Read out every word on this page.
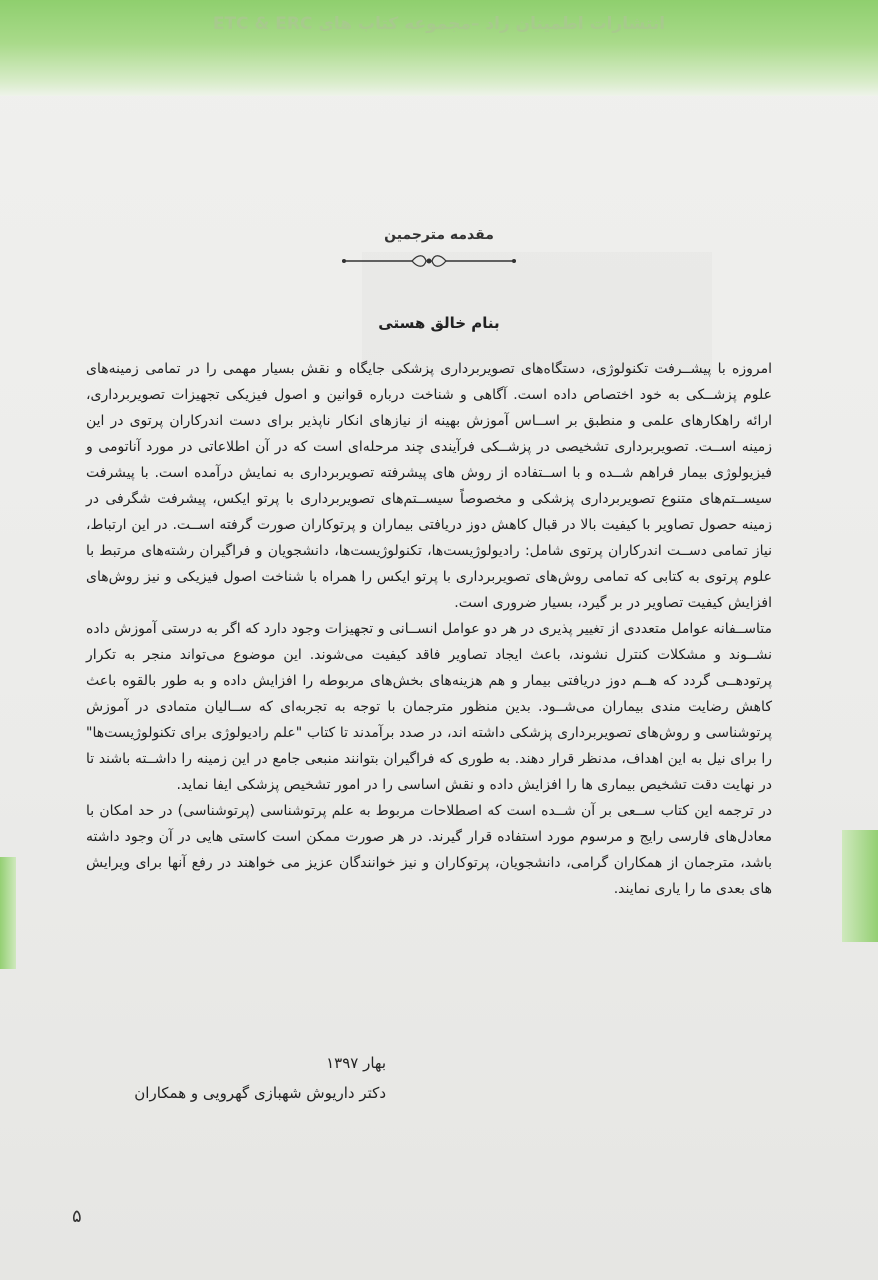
انتشارات اطمینان راد –مجموعه کتاب های ETC & ERC
مقدمه مترجمین
بنام خالق هستی

امروزه با پیشــرفت تکنولوژی، دستگاه‌های تصویربرداری پزشکی جایگاه و نقش بسیار مهمی را در تمامی زمینه‌های علوم پزشــکی به خود اختصاص داده است. آگاهی و شناخت درباره قوانین و اصول فیزیکی تجهیزات تصویربرداری، ارائه راهکارهای علمی و منطبق بر اســاس آموزش بهینه از نیازهای انکار ناپذیر برای دست اندرکاران پرتوی در این زمینه اســت. تصویربرداری تشخیصی در پزشــکی فرآیندی چند مرحله‌ای است که در آن اطلاعاتی در مورد آناتومی و فیزیولوژی بیمار فراهم شــده و با اســتفاده از روش های پیشرفته تصویربرداری به نمایش درآمده است. با پیشرفت سیســتم‌های متنوع تصویربرداری پزشکی و مخصوصاً سیســتم‌های تصویربرداری با پرتو ایکس، پیشرفت شگرفی در زمینه حصول تصاویر با کیفیت بالا در قبال کاهش دوز دریافتی بیماران و پرتوکاران صورت گرفته اســت. در این ارتباط، نیاز تمامی دســت اندرکاران پرتوی شامل: رادیولوژیست‌ها، تکنولوژیست‌ها، دانشجویان و فراگیران رشته‌های مرتبط با علوم پرتوی به کتابی که تمامی روش‌های تصویربرداری با پرتو ایکس را همراه با شناخت اصول فیزیکی و نیز روش‌های افزایش کیفیت تصاویر در بر گیرد، بسیار ضروری است.

متاســفانه عوامل متعددی از تغییر پذیری در هر دو عوامل انســانی و تجهیزات وجود دارد که اگر به درستی آموزش داده نشــوند و مشکلات کنترل نشوند، باعث ایجاد تصاویر فاقد کیفیت می‌شوند. این موضوع می‌تواند منجر به تکرار پرتودهــی گردد که هــم دوز دریافتی بیمار و هم هزینه‌های بخش‌های مربوطه را افزایش داده و به طور بالقوه باعث کاهش رضایت مندی بیماران می‌شــود. بدین منظور مترجمان با توجه به تجربه‌ای که ســالیان متمادی در آموزش پرتوشناسی و روش‌های تصویربرداری پزشکی داشته اند، در صدد برآمدند تا کتاب "علم رادیولوژی برای تکنولوژیست‌ها" را برای نیل به این اهداف، مدنظر قرار دهند. به طوری که فراگیران بتوانند منبعی جامع در این زمینه را داشــته باشند تا در نهایت دقت تشخیص بیماری ها را افزایش داده و نقش اساسی را در امور تشخیص پزشکی ایفا نماید.

در ترجمه این کتاب ســعی بر آن شــده است که اصطلاحات مربوط به علم پرتوشناسی (پرتوشناسی) در حد امکان با معادل‌های فارسی رایج و مرسوم مورد استفاده قرار گیرند. در هر صورت ممکن است کاستی هایی در آن وجود داشته باشد، مترجمان از همکاران گرامی، دانشجویان، پرتوکاران و نیز خوانندگان عزیز می خواهند در رفع آنها برای ویرایش های بعدی ما را یاری نمایند.

بهار ۱۳۹۷
دکتر داریوش شهبازی گهرویی و همکاران
۵
